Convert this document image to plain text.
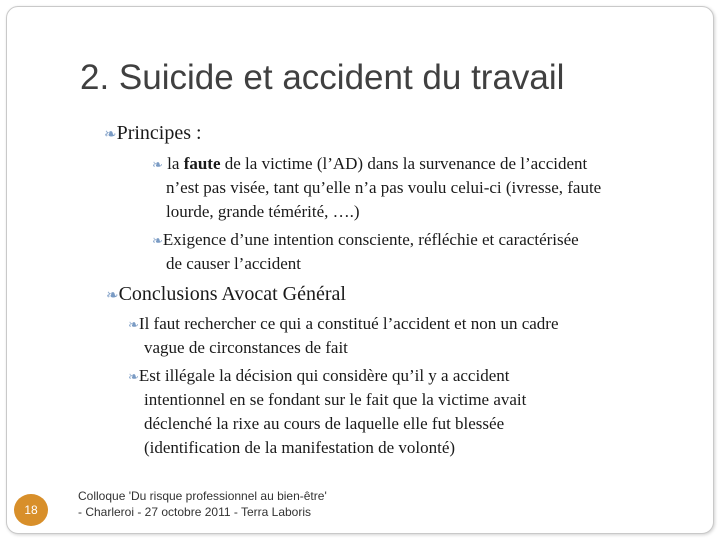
2. Suicide et accident du travail
❧Principes :
❧ la faute de la victime (l’AD) dans la survenance de l’accident
n’est pas visée, tant qu’elle n’a pas voulu celui-ci (ivresse, faute
lourde, grande témérité, ….)
❧Exigence d’une intention consciente, réfléchie et caractérisée
de causer l’accident
❧Conclusions Avocat Général
❧Il faut rechercher ce qui a constitué l’accident et non un cadre
vague de circonstances de fait
❧Est illégale la décision qui considère qu’il y a accident
intentionnel en se fondant sur le fait que la victime avait
déclenché la rixe au cours de laquelle elle fut blessée
(identification de la manifestation de volonté)
18
Colloque 'Du risque professionnel au bien-être'
- Charleroi - 27 octobre 2011 - Terra Laboris
